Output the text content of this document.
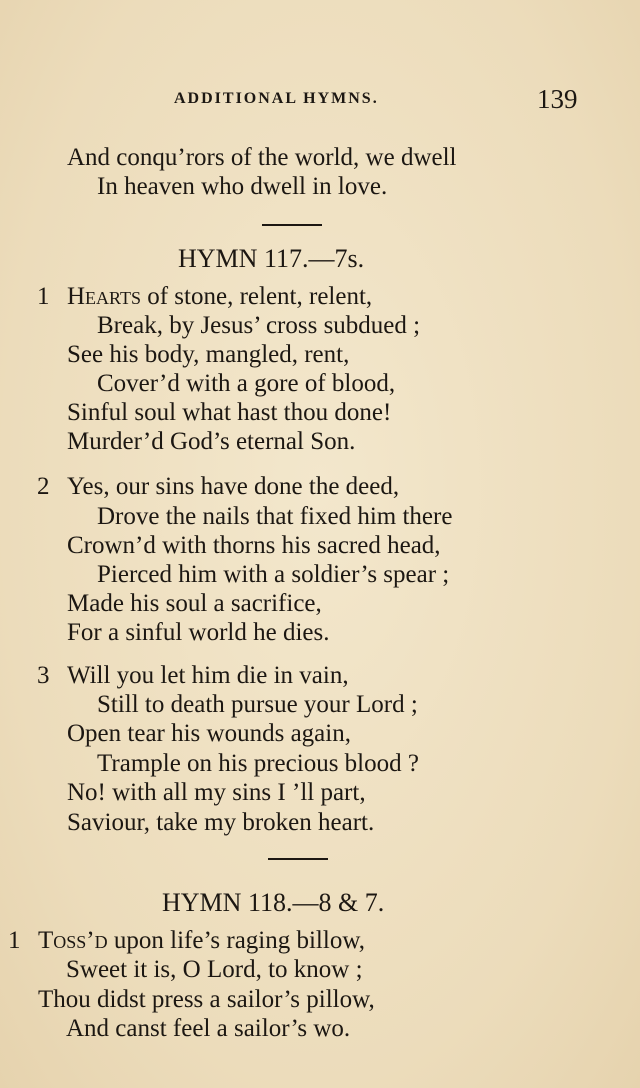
ADDITIONAL HYMNS.	139
And conqu’rors of the world, we dwell
In heaven who dwell in love.
HYMN 117.—7s.
1 Hearts of stone, relent, relent,
Break, by Jesus’ cross subdued ;
See his body, mangled, rent,
Cover’d with a gore of blood,
Sinful soul what hast thou done!
Murder’d God’s eternal Son.
2 Yes, our sins have done the deed,
Drove the nails that fixed him there
Crown’d with thorns his sacred head,
Pierced him with a soldier’s spear ;
Made his soul a sacrifice,
For a sinful world he dies.
3 Will you let him die in vain,
Still to death pursue your Lord ;
Open tear his wounds again,
Trample on his precious blood ?
No! with all my sins I ’ll part,
Saviour, take my broken heart.
HYMN 118.—8 & 7.
1 Toss’d upon life’s raging billow,
Sweet it is, O Lord, to know ;
Thou didst press a sailor’s pillow,
And canst feel a sailor’s wo.
